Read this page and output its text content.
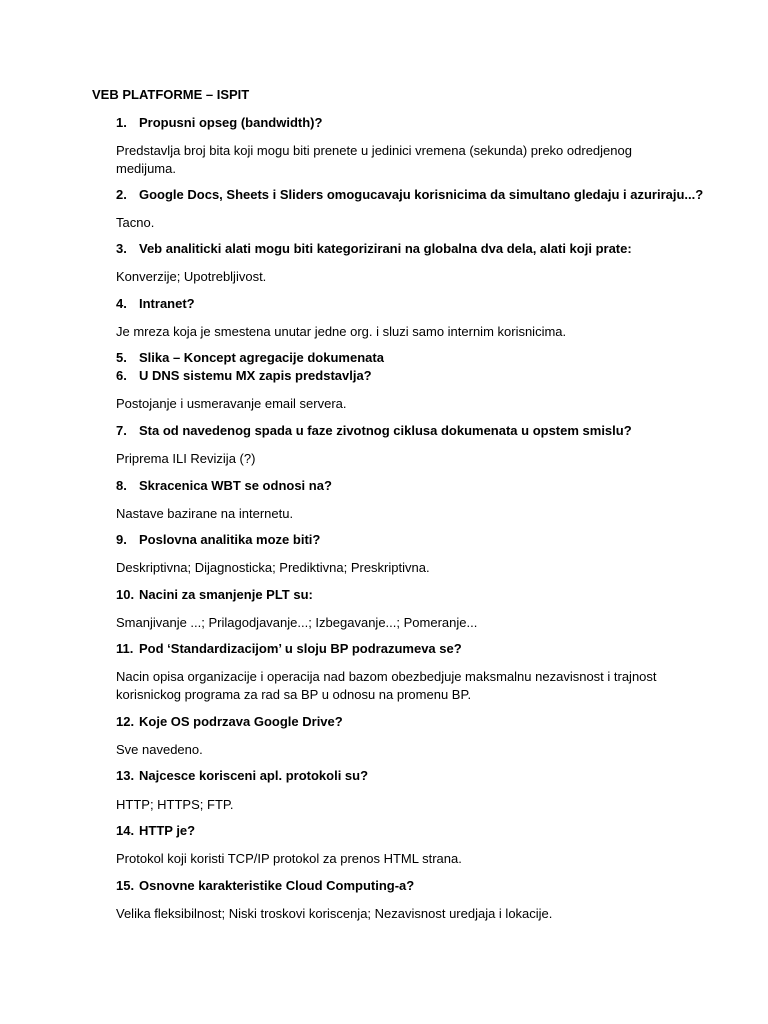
VEB PLATFORME – ISPIT
1. Propusni opseg (bandwidth)?
Predstavlja broj bita koji mogu biti prenete u jedinici vremena (sekunda) preko odredjenog medijuma.
2. Google Docs, Sheets i Sliders omogucavaju korisnicima da simultano gledaju i azuriraju...?
Tacno.
3. Veb analiticki alati mogu biti kategorizirani na globalna dva dela, alati koji prate:
Konverzije; Upotrebljivost.
4. Intranet?
Je mreza koja je smestena unutar jedne org. i sluzi samo internim korisnicima.
5. Slika – Koncept agregacije dokumenata
6. U DNS sistemu MX zapis predstavlja?
Postojanje i usmeravanje email servera.
7. Sta od navedenog spada u faze zivotnog ciklusa dokumenata u opstem smislu?
Priprema ILI Revizija (?)
8. Skracenica WBT se odnosi na?
Nastave bazirane na internetu.
9. Poslovna analitika moze biti?
Deskriptivna; Dijagnosticka; Prediktivna; Preskriptivna.
10. Nacini za smanjenje PLT su:
Smanjivanje ...; Prilagodjavanje...; Izbegavanje...; Pomeranje...
11. Pod ‘Standardizacijom’ u sloju BP podrazumeva se?
Nacin opisa organizacije i operacija nad bazom obezbedjuje maksmalnu nezavisnost i trajnost korisnickog programa za rad sa BP u odnosu na promenu BP.
12. Koje OS podrzava Google Drive?
Sve navedeno.
13. Najcesce korisceni apl. protokoli su?
HTTP; HTTPS; FTP.
14. HTTP je?
Protokol koji koristi TCP/IP protokol za prenos HTML strana.
15. Osnovne karakteristike Cloud Computing-a?
Velika fleksibilnost; Niski troskovi koriscenja; Nezavisnost uredjaja i lokacije.
